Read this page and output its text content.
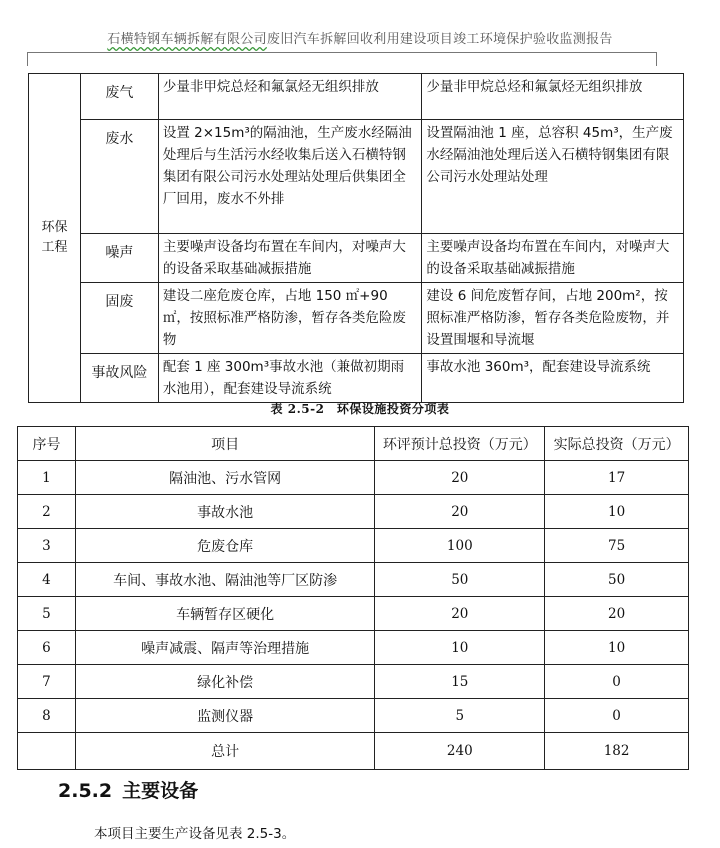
石横特钢车辆拆解有限公司废旧汽车拆解回收利用建设项目竣工环境保护验收监测报告
环保工程	废气	少量非甲烷总烃和氟氯烃无组织排放	少量非甲烷总烃和氟氯烃无组织排放	
	废水	设置 2×15m³的隔油池，生产废水经隔油处理后与生活污水经收集后送入石横特钢集团有限公司污水处理站处理后供集团全厂回用，废水不外排	设置隔油池 1 座，总容积 45m³，生产废水经隔油池处理后送入石横特钢集团有限公司污水处理站处理	
	噪声	主要噪声设备均布置在车间内，对噪声大的设备采取基础减振措施	主要噪声设备均布置在车间内，对噪声大的设备采取基础减振措施	
	固废	建设二座危废仓库，占地 150 ㎡+90 ㎡，按照标准严格防渗，暂存各类危险废物	建设 6 间危废暂存间，占地 200m²，按照标准严格防渗，暂存各类危险废物，并设置围堰和导流堰	
	事故风险	配套 1 座 300m³事故水池（兼做初期雨水池用），配套建设导流系统	事故水池 360m³，配套建设导流系统	
表 2.5-2　环保设施投资分项表
序号	项目	环评预计总投资（万元）	实际总投资（万元）
1	隔油池、污水管网	20	17
2	事故水池	20	10
3	危废仓库	100	75
4	车间、事故水池、隔油池等厂区防渗	50	50
5	车辆暂存区硬化	20	20
6	噪声减震、隔声等治理措施	10	10
7	绿化补偿	15	0
8	监测仪器	5	0
	总计	240	182
2.5.2 主要设备
本项目主要生产设备见表 2.5-3。
